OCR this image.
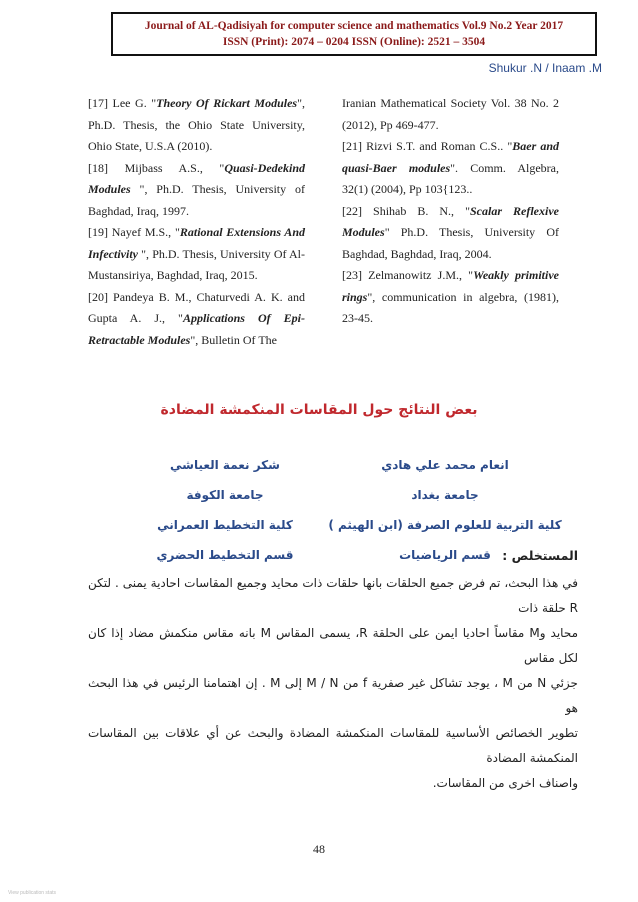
Journal of AL-Qadisiyah for computer science and mathematics Vol.9 No.2 Year 2017
ISSN (Print): 2074 – 0204 ISSN (Online): 2521 – 3504
Shukur .N / Inaam .M

[17] Lee G. "Theory Of Rickart Modules", Ph.D. Thesis, the Ohio State University, Ohio State, U.S.A (2010).

[18] Mijbass A.S., "Quasi-Dedekind Modules ", Ph.D. Thesis, University of Baghdad, Iraq, 1997.

[19] Nayef M.S., "Rational Extensions And Infectivity ", Ph.D. Thesis, University Of Al-Mustansiriya, Baghdad, Iraq, 2015.

[20] Pandeya B. M., Chaturvedi A. K. and Gupta A. J., "Applications Of Epi-Retractable Modules", Bulletin Of The

Iranian Mathematical Society Vol. 38 No. 2 (2012), Pp 469-477.

[21] Rizvi S.T. and Roman C.S.. "Baer and quasi-Baer modules". Comm. Algebra, 32(1) (2004), Pp 103{123..

[22] Shihab B. N., "Scalar Reflexive Modules" Ph.D. Thesis, University Of Baghdad, Baghdad, Iraq, 2004.

[23] Zelmanowitz J.M., "Weakly primitive rings", communication in algebra, (1981), 23-45.

بعض النتائج حول المقاسات المنكمشة المضادة
انعام محمد علي هادي
جامعة بغداد
كلية التربية للعلوم الصرفة (ابن الهيثم )
قسم الرياضيات
شكر نعمة العياشي
جامعة الكوفة
كلية التخطيط العمراني
قسم التخطيط الحضري	المستخلص :
في هذا البحث، تم فرض جميع الحلقات بانها حلقات ذات محايد وجميع المقاسات احادية يمنى . لتكن R حلقة ذات
محايد وM مقاساً احاديا ايمن على الحلقة R، يسمى المقاس M بانه مقاس منكمش مضاد إذا كان لكل مقاس
جزئي N من M ، يوجد تشاكل غير صفرية f من M / N إلى M . إن اهتمامنا الرئيس في هذا البحث هو
تطوير الخصائص الأساسية للمقاسات المنكمشة المضادة والبحث عن أي علاقات بين المقاسات المنكمشة المضادة
واصناف اخرى من المقاسات.
48
View publication stats
